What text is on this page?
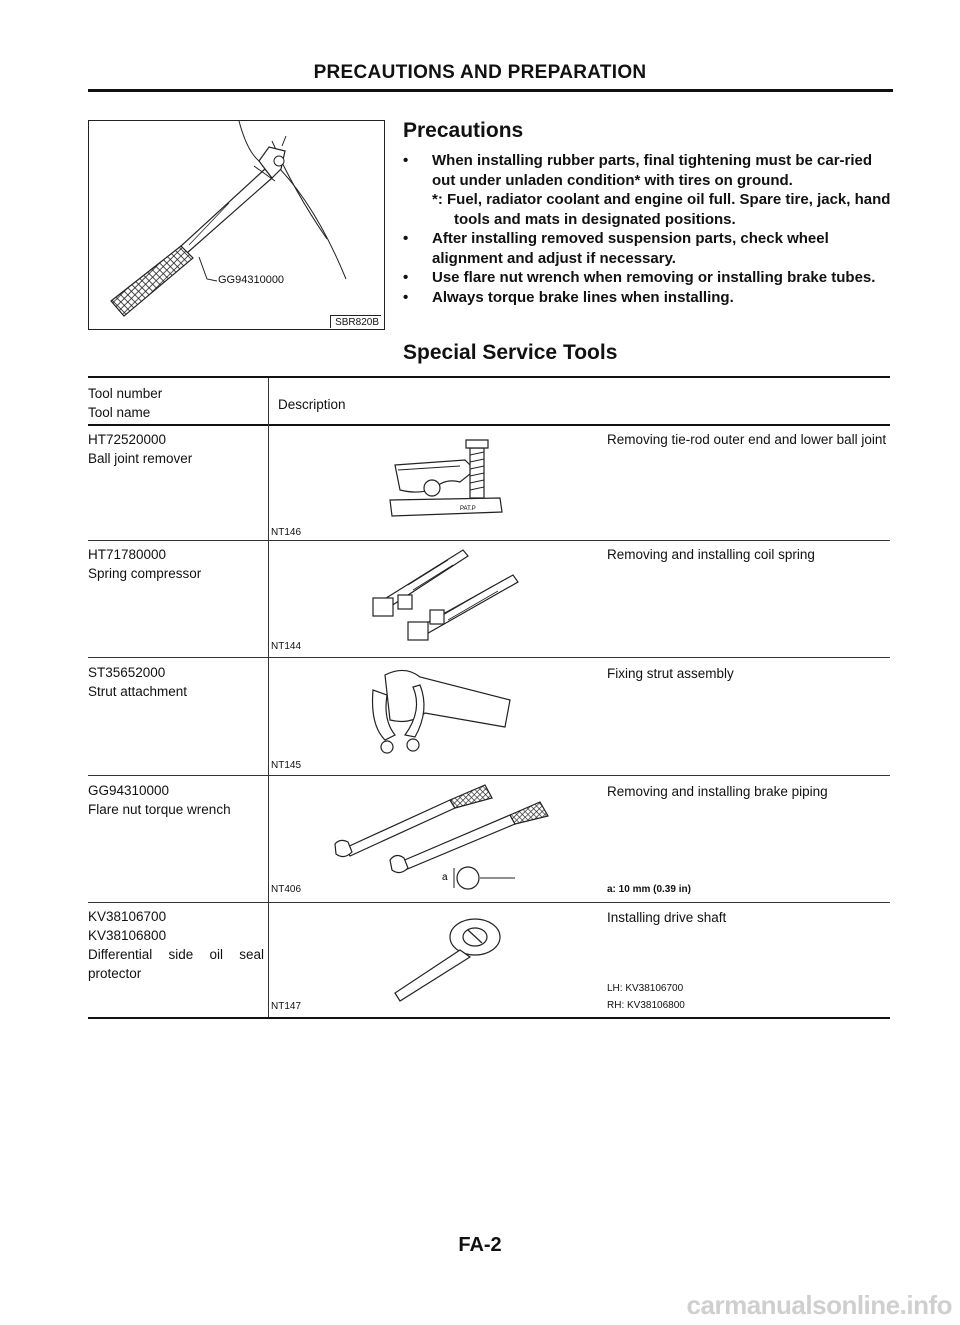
PRECAUTIONS AND PREPARATION
GG94310000
SBR820B
Precautions
• When installing rubber parts, final tightening must be car-ried out under unladen condition* with tires on ground.
*: Fuel, radiator coolant and engine oil full. Spare tire, jack, hand tools and mats in designated positions.
• After installing removed suspension parts, check wheel alignment and adjust if necessary.
• Use flare nut wrench when removing or installing brake tubes.
• Always torque brake lines when installing.
Special Service Tools
Tool number
Tool name
Description
HT72520000
Ball joint remover
Removing tie-rod outer end and lower ball joint
NT146
PAT.P
HT71780000
Spring compressor
Removing and installing coil spring
NT144
ST35652000
Strut attachment
Fixing strut assembly
NT145
GG94310000
Flare nut torque wrench
Removing and installing brake piping
NT406	a: 10 mm (0.39 in)
a
KV38106700
KV38106800
Differential side oil seal protector
Installing drive shaft
NT147
LH: KV38106700
RH: KV38106800
FA-2
carmanualsonline.info
